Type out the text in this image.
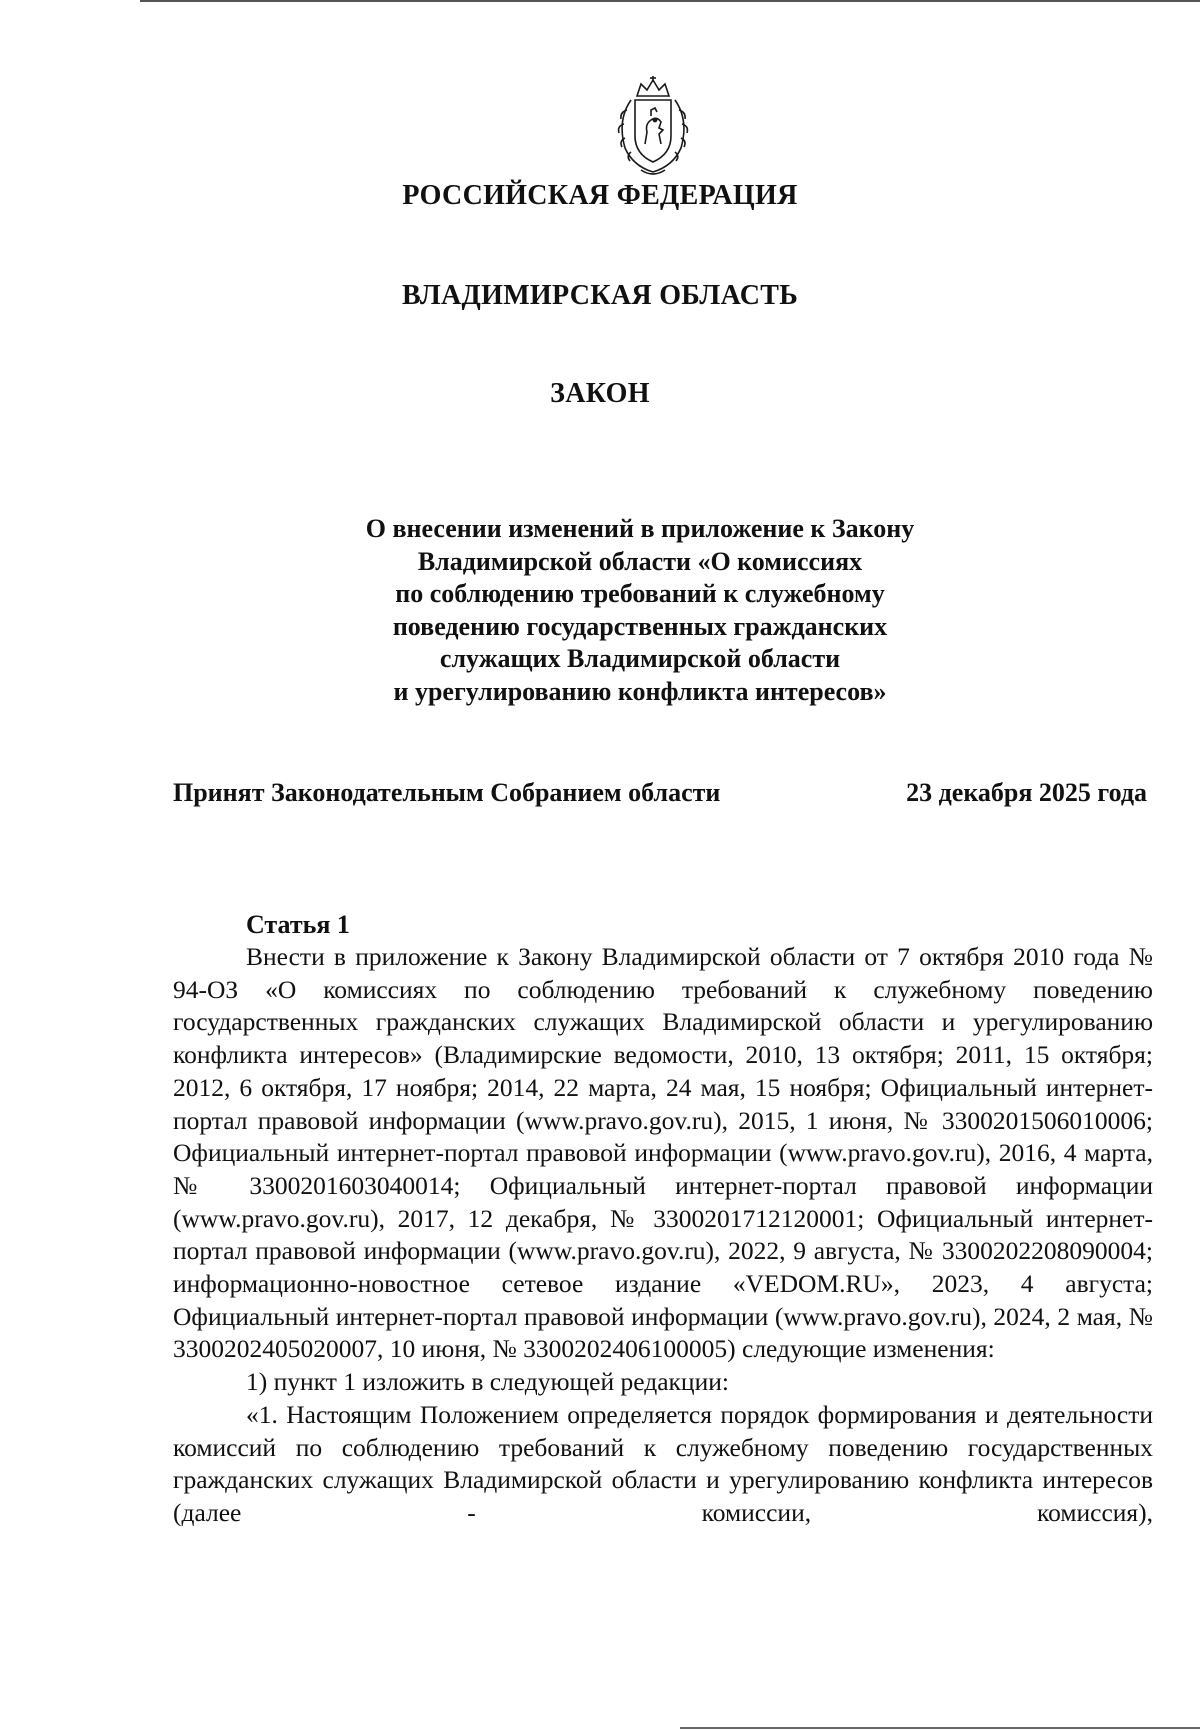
РОССИЙСКАЯ ФЕДЕРАЦИЯ
ВЛАДИМИРСКАЯ ОБЛАСТЬ
ЗАКОН
О внесении изменений в приложение к Закону
Владимирской области «О комиссиях
по соблюдению требований к служебному
поведению государственных гражданских
служащих Владимирской области
и урегулированию конфликта интересов»
Принят Законодательным Собранием области	23 декабря 2025 года
Статья 1

Внести в приложение к Закону Владимирской области от 7 октября 2010 года № 94-ОЗ «О комиссиях по соблюдению требований к служебному поведению государственных гражданских служащих Владимирской области и урегулированию конфликта интересов» (Владимирские ведомости, 2010, 13 октября; 2011, 15 октября; 2012, 6 октября, 17 ноября; 2014, 22 марта, 24 мая, 15 ноября; Официальный интернет-портал правовой информации (www.pravo.gov.ru), 2015, 1 июня, № 3300201506010006; Официальный интернет-портал правовой информации (www.pravo.gov.ru), 2016, 4 марта, № 3300201603040014; Официальный интернет-портал правовой информации (www.pravo.gov.ru), 2017, 12 декабря, № 3300201712120001; Официальный интернет-портал правовой информации (www.pravo.gov.ru), 2022, 9 августа, № 3300202208090004; информационно-новостное сетевое издание «VEDOM.RU», 2023, 4 августа; Официальный интернет-портал правовой информации (www.pravo.gov.ru), 2024, 2 мая, № 3300202405020007, 10 июня, № 3300202406100005) следующие изменения:

1) пункт 1 изложить в следующей редакции:

«1. Настоящим Положением определяется порядок формирования и деятельности комиссий по соблюдению требований к служебному поведению государственных гражданских служащих Владимирской области и урегулированию конфликта интересов (далее - комиссии, комиссия),
